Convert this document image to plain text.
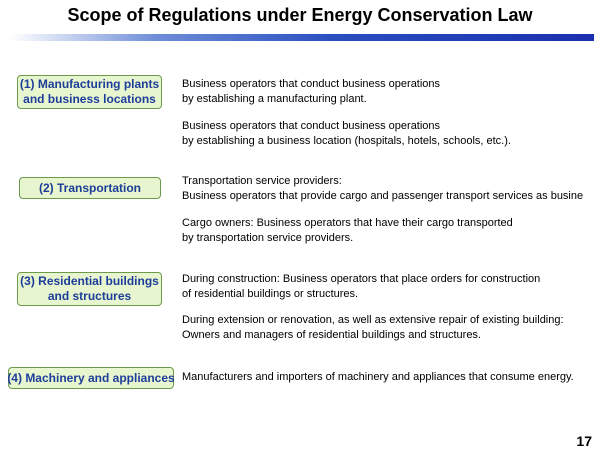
Scope of Regulations under Energy Conservation Law
(1) Manufacturing plants
and business locations
Business operators that conduct business operations
by establishing a manufacturing plant.
Business operators that conduct business operations
by establishing a business location (hospitals, hotels, schools, etc.).
(2) Transportation	Transportation service providers:
Business operators that provide cargo and passenger transport services as busine
Cargo owners: Business operators that have their cargo transported
by transportation service providers.
(3) Residential buildings
and structures
During construction: Business operators that place orders for construction
of residential buildings or structures.
During extension or renovation, as well as extensive repair of existing building:
Owners and managers of residential buildings and structures.
(4) Machinery and appliances Manufacturers and importers of machinery and appliances that consume energy.
17
